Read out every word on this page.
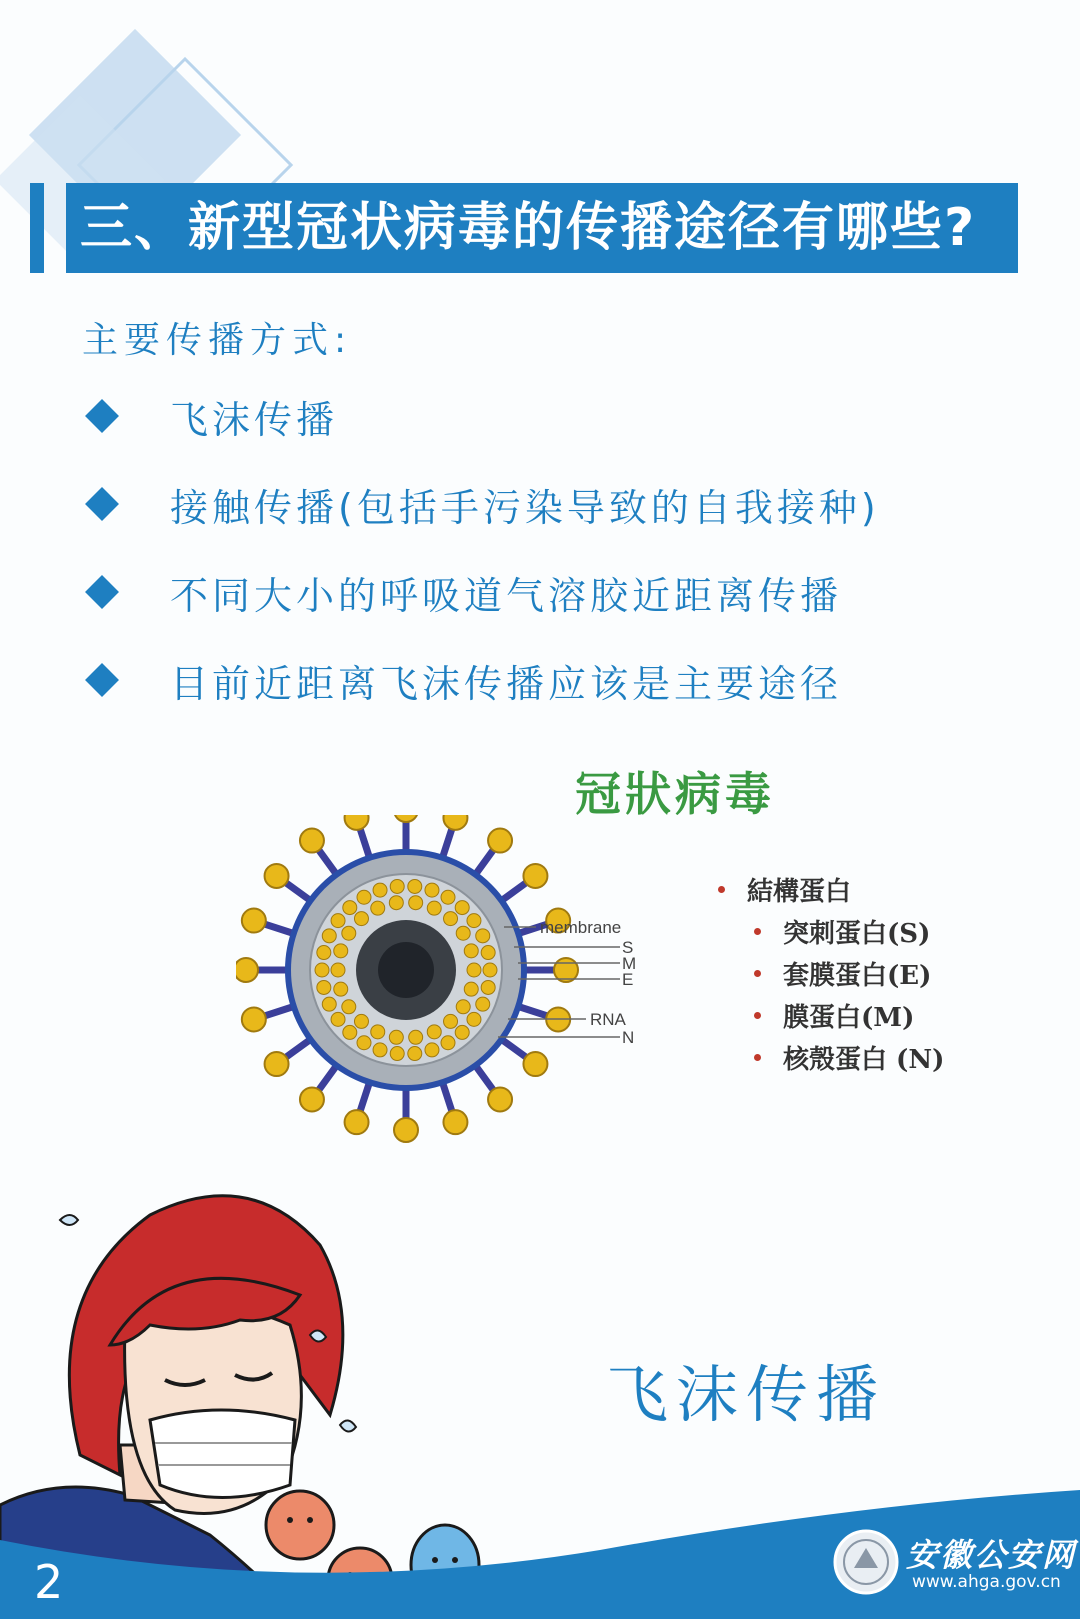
三、新型冠状病毒的传播途径有哪些?
主要传播方式:
飞沫传播
接触传播(包括手污染导致的自我接种)
不同大小的呼吸道气溶胶近距离传播
目前近距离飞沫传播应该是主要途径
冠狀病毒
membrane
S
M
E
RNA
N
結構蛋白
突刺蛋白(S)
套膜蛋白(E)
膜蛋白(M)
核殼蛋白 (N)
飞沫传播
2	安徽公安网
www.ahga.gov.cn
